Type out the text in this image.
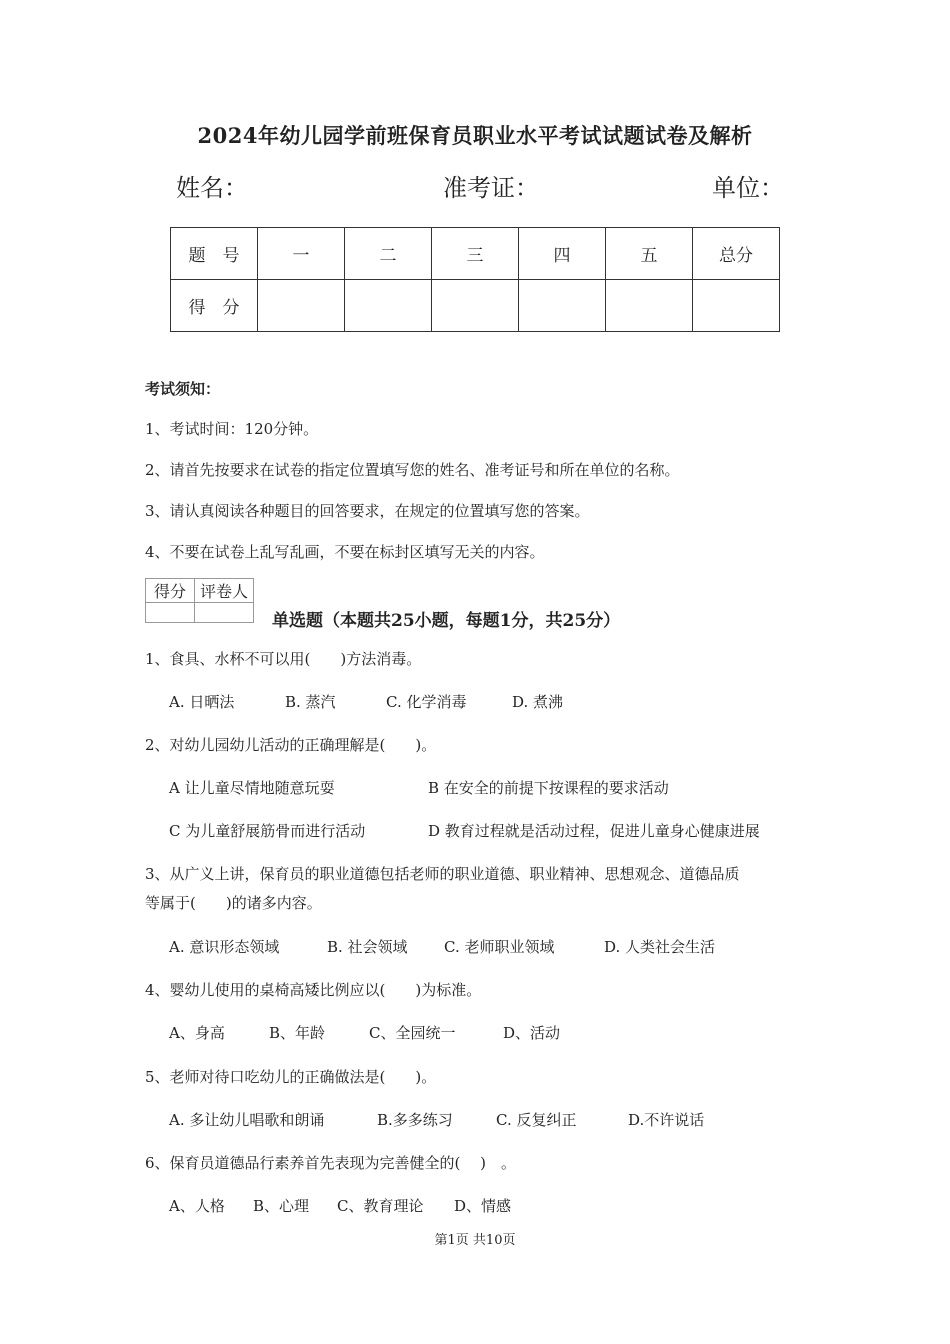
2024年幼儿园学前班保育员职业水平考试试题试卷及解析
姓名：	准考证：	单位：
题　号	一	二	三	四	五	总分
得　分						
考试须知：
1、考试时间：120分钟。
2、请首先按要求在试卷的指定位置填写您的姓名、准考证号和所在单位的名称。
3、请认真阅读各种题目的回答要求，在规定的位置填写您的答案。
4、不要在试卷上乱写乱画，不要在标封区填写无关的内容。
得分	评卷人

单选题（本题共25小题，每题1分，共25分）
1、食具、水杯不可以用(　　)方法消毒。
A. 日晒法	B. 蒸汽	C. 化学消毒	D. 煮沸
2、对幼儿园幼儿活动的正确理解是(　　)。
A 让儿童尽情地随意玩耍	B 在安全的前提下按课程的要求活动
C 为儿童舒展筋骨而进行活动	D 教育过程就是活动过程，促进儿童身心健康进展
3、从广义上讲，保育员的职业道德包括老师的职业道德、职业精神、思想观念、道德品质
等属于(　　)的诸多内容。
A. 意识形态领域	B. 社会领域 C. 老师职业领域	D. 人类社会生活
4、婴幼儿使用的桌椅高矮比例应以(　　)为标准。
A、身高	B、年龄	C、全园统一	D、活动
5、老师对待口吃幼儿的正确做法是(　　)。
A. 多让幼儿唱歌和朗诵	B.多多练习	C. 反复纠正	D.不许说话
6、保育员道德品行素养首先表现为完善健全的(　 )　。
A、人格 B、心理 C、教育理论 D、情感
第1页 共10页
